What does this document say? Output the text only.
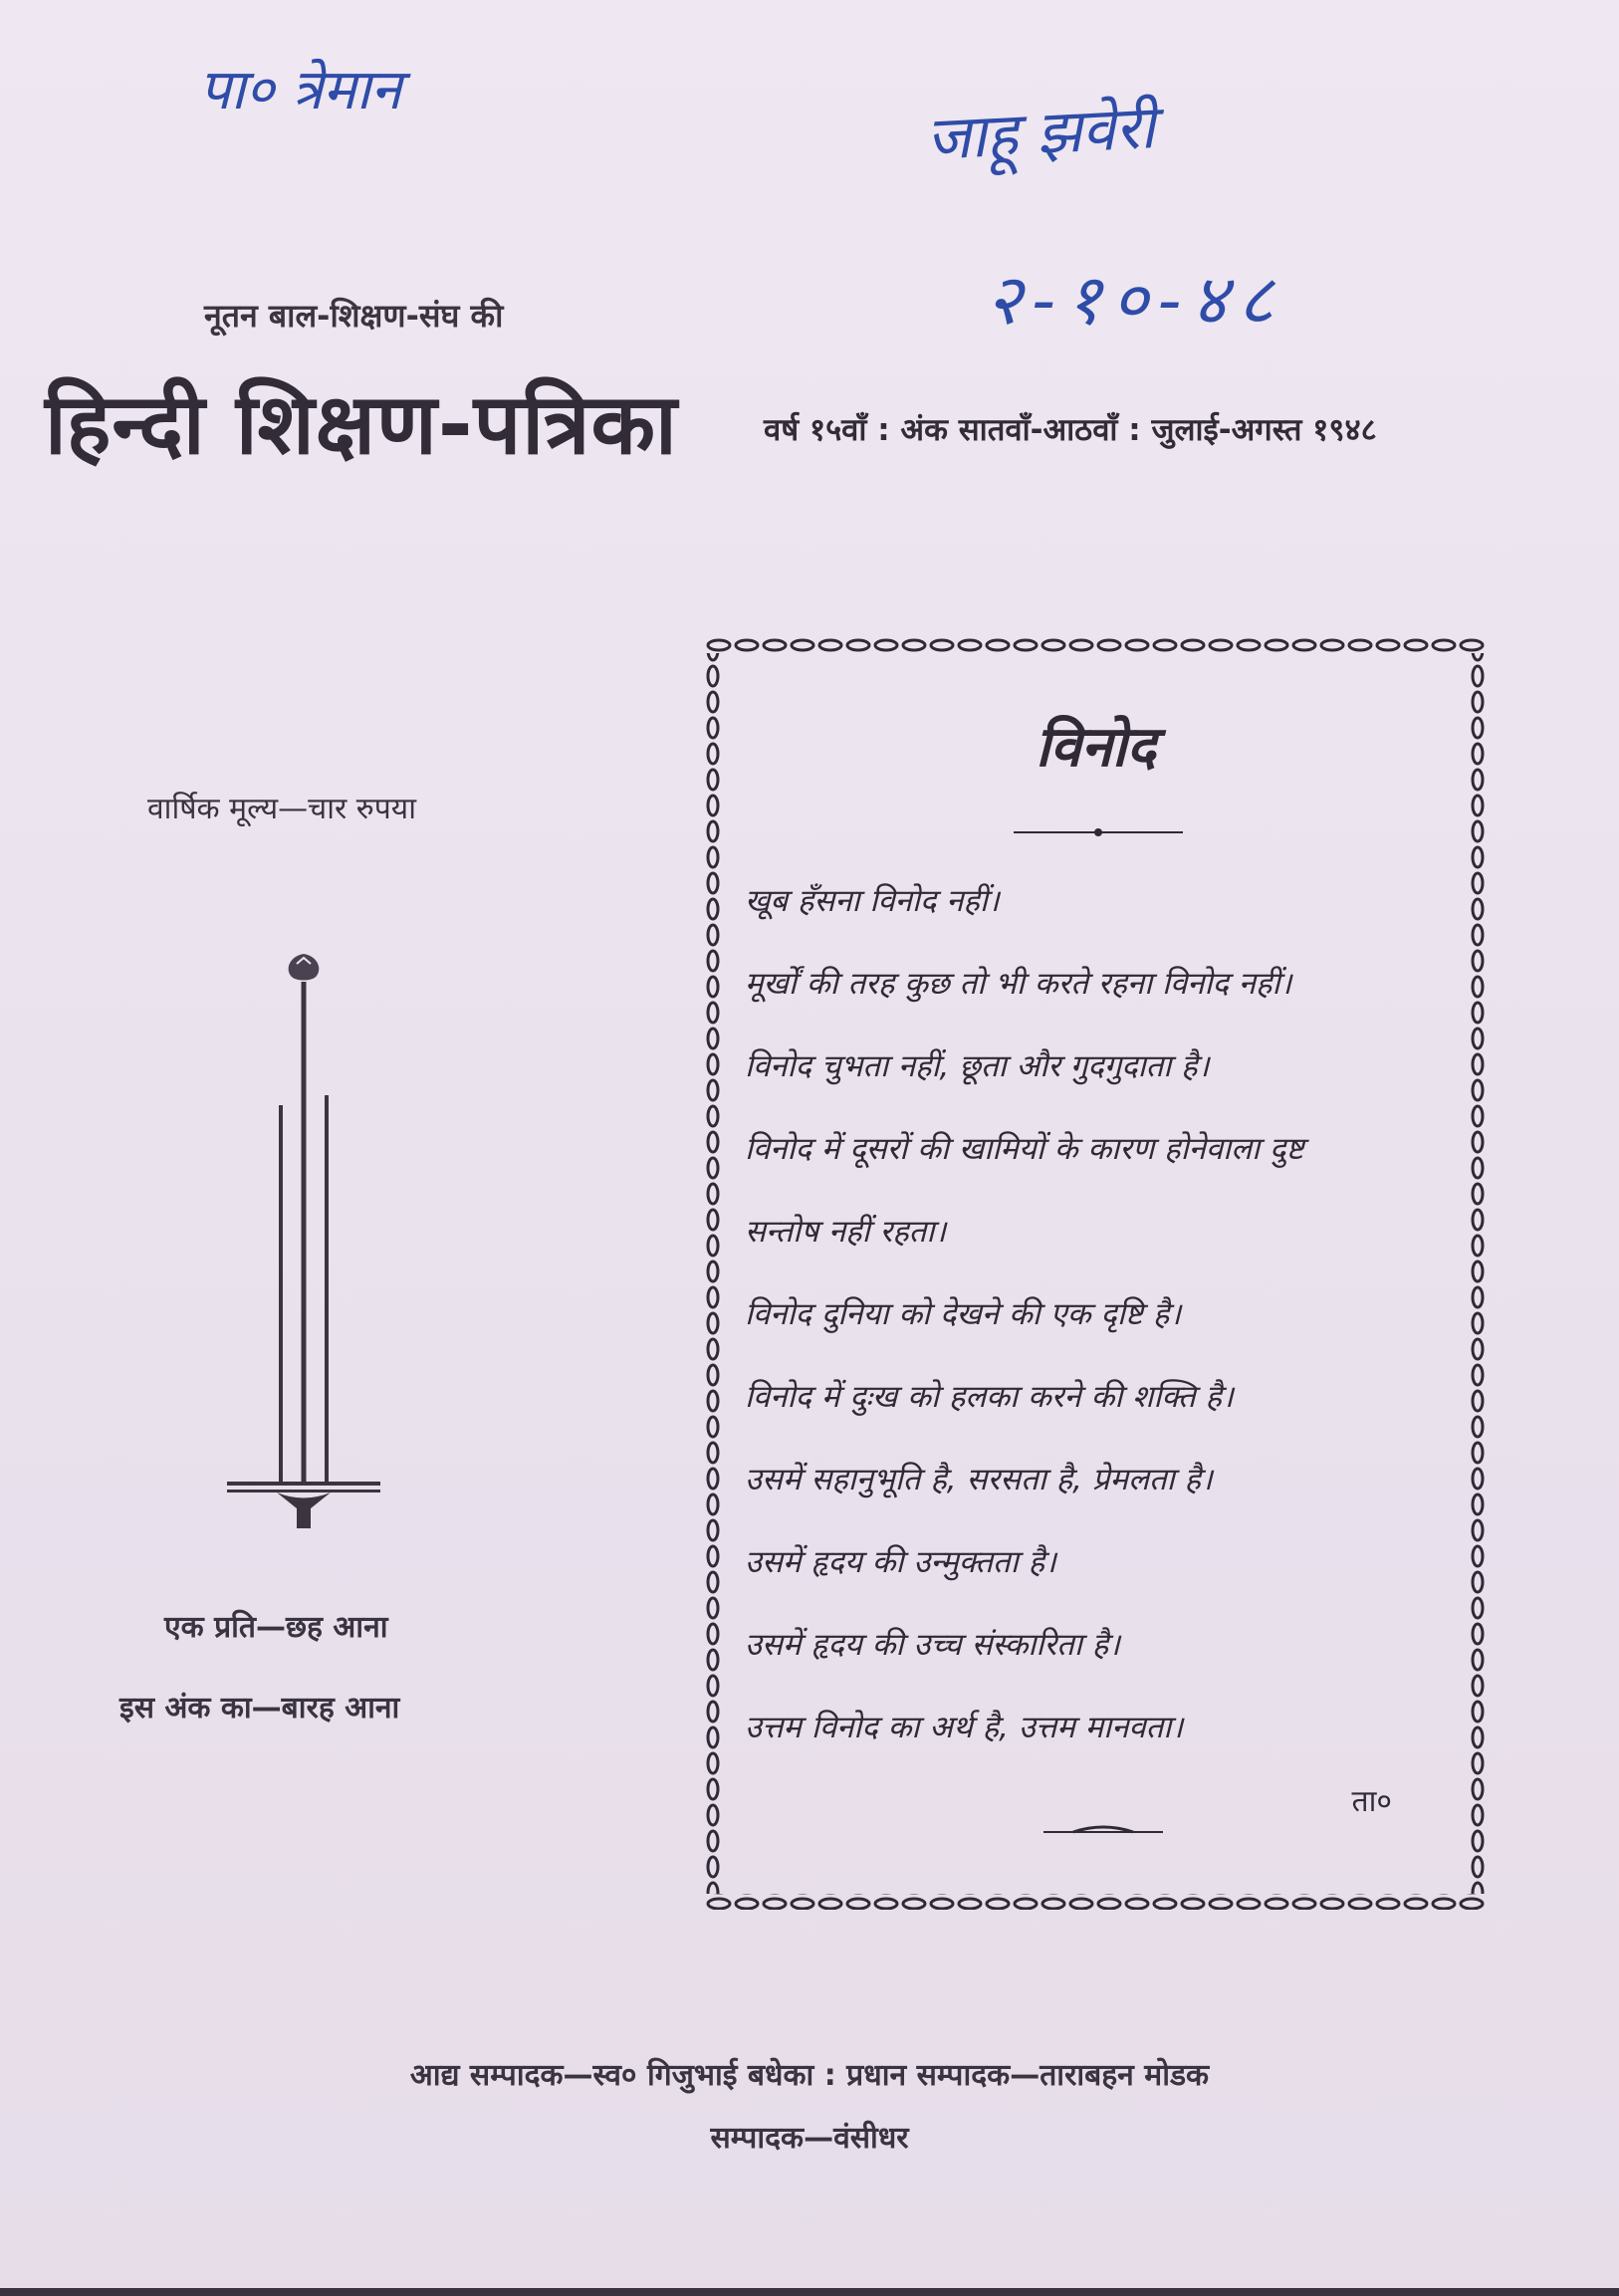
पा० त्रेमान
जाहू झवेरी
२-१०-४८
नूतन बाल-शिक्षण-संघ की
हिन्दी शिक्षण-पत्रिका	वर्ष १५वाँ : अंक सातवाँ-आठवाँ : जुलाई-अगस्त १९४८
वार्षिक मूल्य—चार रुपया
एक प्रति—छह आना
इस अंक का—बारह आना
विनोद
खूब हँसना विनोद नहीं।
मूर्खों की तरह कुछ तो भी करते रहना विनोद नहीं।
विनोद चुभता नहीं, छूता और गुदगुदाता है।
विनोद में दूसरों की खामियों के कारण होनेवाला दुष्ट
सन्तोष नहीं रहता।
विनोद दुनिया को देखने की एक दृष्टि है।
विनोद में दुःख को हलका करने की शक्ति है।
उसमें सहानुभूति है, सरसता है, प्रेमलता है।
उसमें हृदय की उन्मुक्तता है।
उसमें हृदय की उच्च संस्कारिता है।
उत्तम विनोद का अर्थ है, उत्तम मानवता।
ता०
आद्य सम्पादक—स्व० गिजुभाई बधेका : प्रधान सम्पादक—ताराबहन मोडक
सम्पादक—वंसीधर
